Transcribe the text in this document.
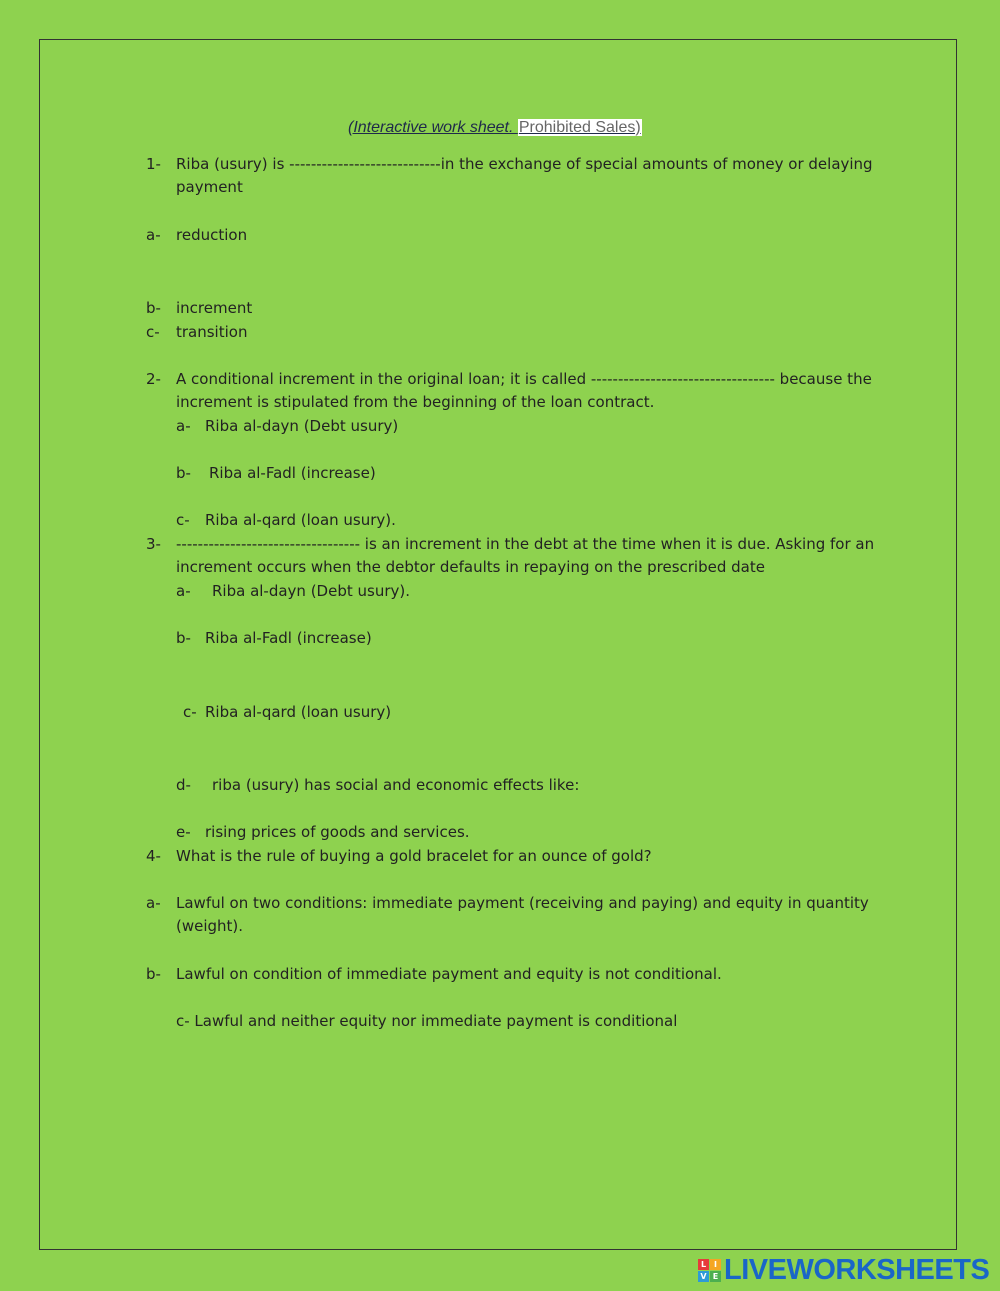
(Interactive work sheet. Prohibited Sales)
1- Riba (usury) is ----------------------------in the exchange of special amounts of money or delaying
payment
a- reduction
b- increment
c- transition
2- A conditional increment in the original loan; it is called ---------------------------------- because the
increment is stipulated from the beginning of the loan contract.
a- Riba al-dayn (Debt usury)
b- Riba al-Fadl (increase)
c- Riba al-qard (loan usury).
3- ---------------------------------- is an increment in the debt at the time when it is due. Asking for an
increment occurs when the debtor defaults in repaying on the prescribed date
a- Riba al-dayn (Debt usury).
b- Riba al-Fadl (increase)
c- Riba al-qard (loan usury)
d- riba (usury) has social and economic effects like:
e- rising prices of goods and services.
4- What is the rule of buying a gold bracelet for an ounce of gold?
a- Lawful on two conditions: immediate payment (receiving and paying) and equity in quantity
(weight).
b- Lawful on condition of immediate payment and equity is not conditional.
c- Lawful and neither equity nor immediate payment is conditional
L I
V E LIVEWORKSHEETS
